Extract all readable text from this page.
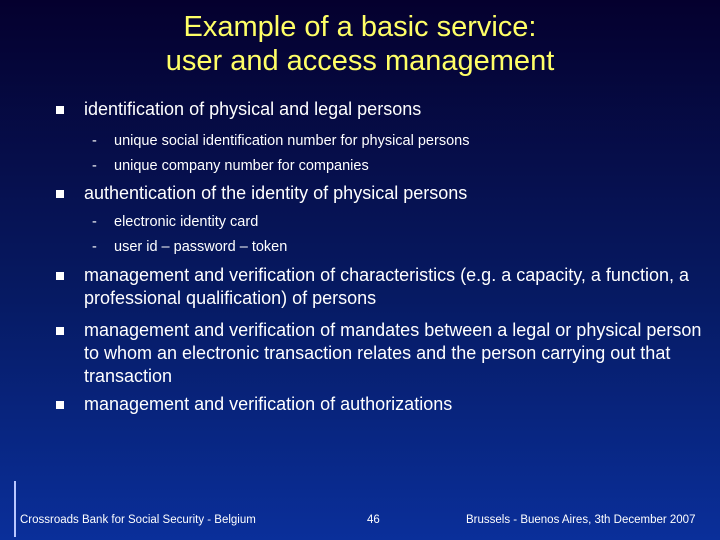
Example of a basic service:
user and access management
identification of physical and legal persons
- unique social identification number for physical persons
- unique company number for companies
authentication of the identity of physical persons
- electronic identity card
- user id – password – token
management and verification of characteristics (e.g. a capacity, a function, a professional qualification) of persons
management and verification of mandates between a legal or physical person to whom an electronic transaction relates and the person carrying out that transaction
management and verification of authorizations
Crossroads Bank for Social Security - Belgium	46	Brussels - Buenos Aires, 3th December 2007
